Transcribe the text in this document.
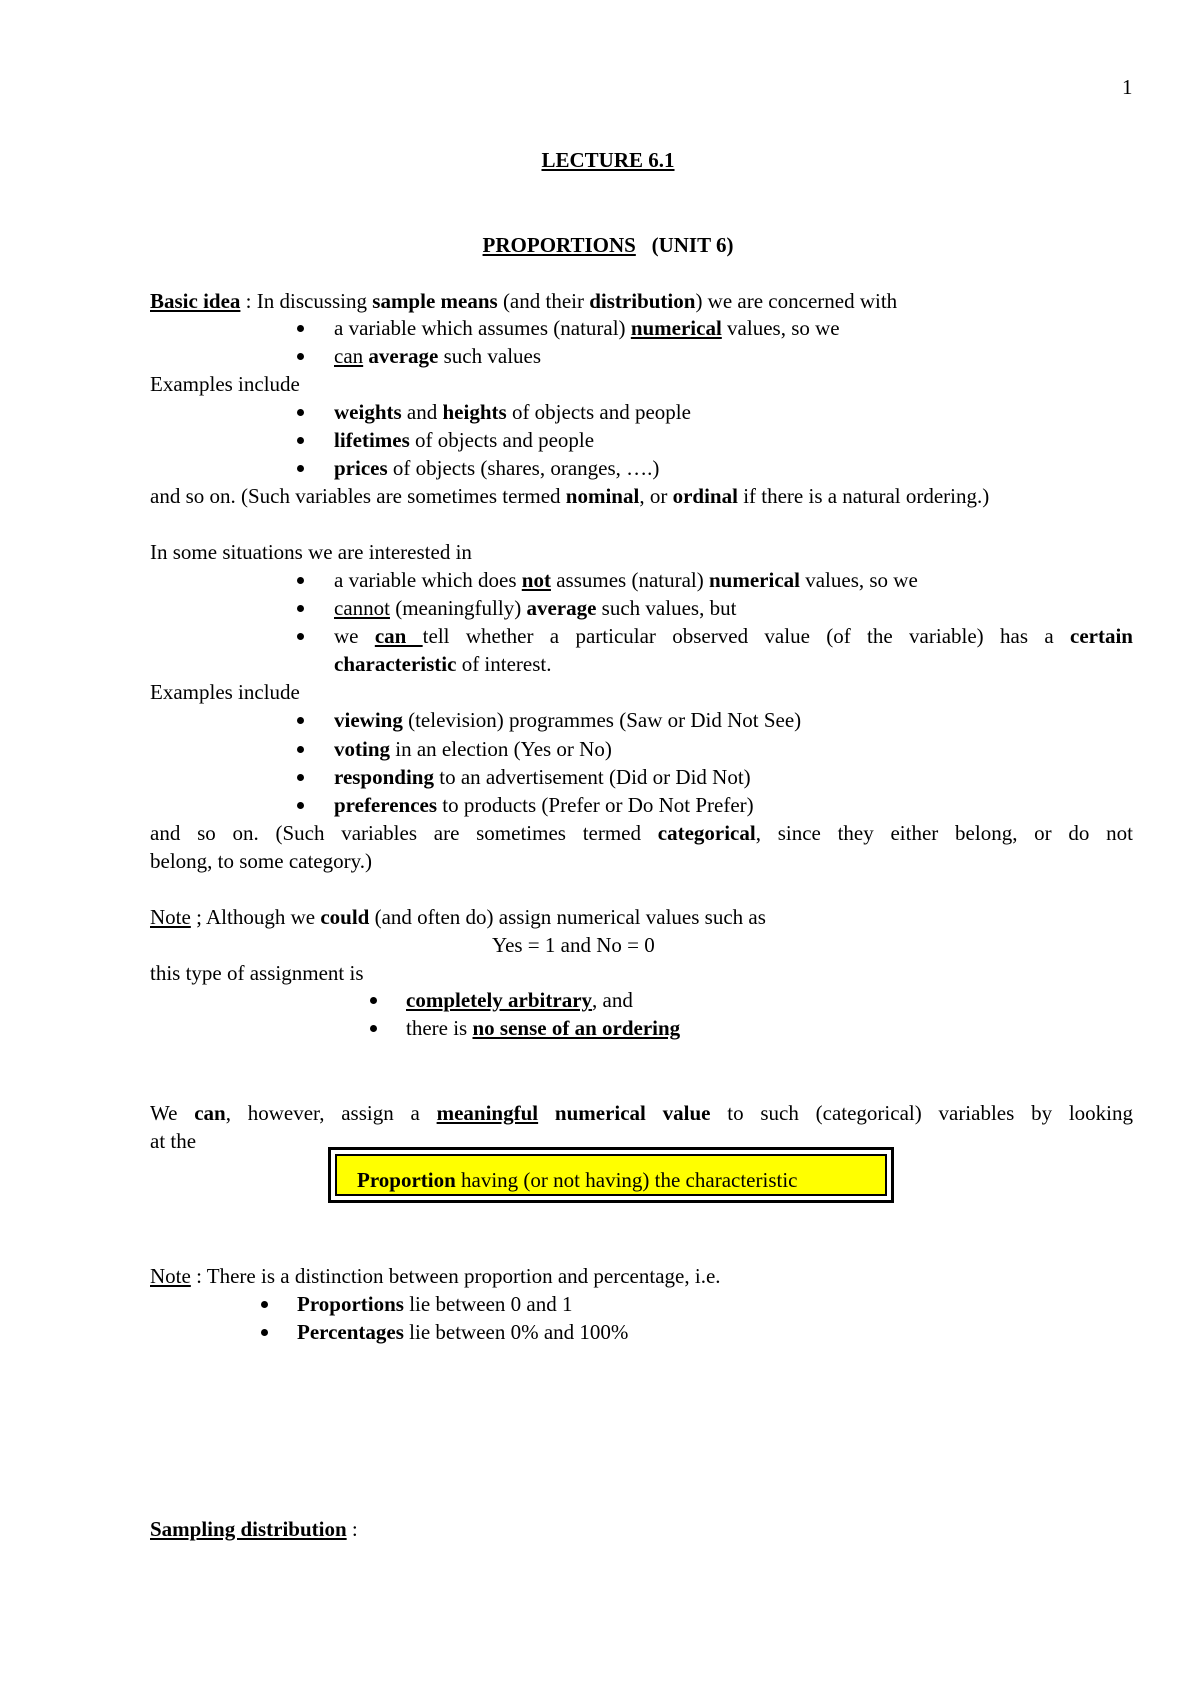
1
LECTURE 6.1
PROPORTIONS (UNIT 6)
Basic idea : In discussing sample means (and their distribution) we are concerned with
a variable which assumes (natural) numerical values, so we
can average such values
Examples include
weights and heights of objects and people
lifetimes of objects and people
prices of objects (shares, oranges, ….)
and so on. (Such variables are sometimes termed nominal, or ordinal if there is a natural ordering.)
In some situations we are interested in
a variable which does not assumes (natural) numerical values, so we
cannot (meaningfully) average such values, but
we can tell whether a particular observed value (of the variable) has a certain
characteristic of interest.
Examples include
viewing (television) programmes (Saw or Did Not See)
voting in an election (Yes or No)
responding to an advertisement (Did or Did Not)
preferences to products (Prefer or Do Not Prefer)
and so on. (Such variables are sometimes termed categorical, since they either belong, or do not
belong, to some category.)
Note ; Although we could (and often do) assign numerical values such as
Yes = 1 and No = 0
this type of assignment is
completely arbitrary, and
there is no sense of an ordering
We can, however, assign a meaningful numerical value to such (categorical) variables by looking
at the
Proportion having (or not having) the characteristic
Note : There is a distinction between proportion and percentage, i.e.
Proportions lie between 0 and 1
Percentages lie between 0% and 100%
Sampling distribution :
